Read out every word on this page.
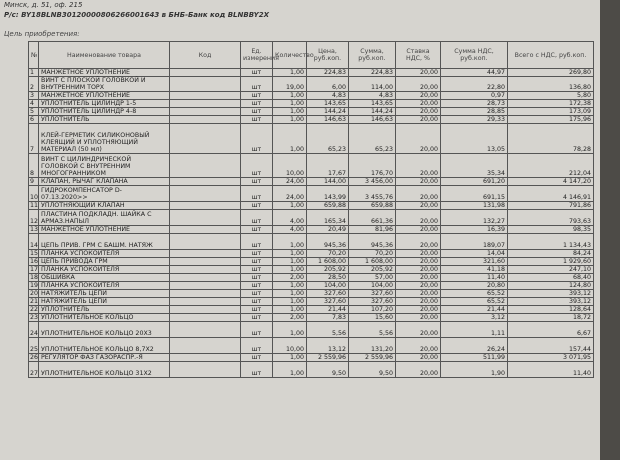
Минск, д. 51, оф. 215
Р/с: BY18BLNB30120000806266001643 в БНБ-Банк код BLNBBY2X
Цель приобретения:
№	Наименование товара	Код	Ед. измерения	Количество	Цена, руб.коп.	Сумма, руб.коп.	Ставка НДС, %	Сумма НДС, руб.коп.	Всего с НДС, руб.коп.
1	МАНЖЕТНОЕ УПЛОТНЕНИЕ		шт	1,00	224,83	224,83	20,00	44,97	269,80
2	ВИНТ С ПЛОСКОЙ ГОЛОВКОЙ И ВНУТРЕННИМ ТОРХ		шт	19,00	6,00	114,00	20,00	22,80	136,80
3	МАНЖЕТНОЕ УПЛОТНЕНИЕ		шт	1,00	4,83	4,83	20,00	0,97	5,80
4	УПЛОТНИТЕЛЬ ЦИЛИНДР 1-5		шт	1,00	143,65	143,65	20,00	28,73	172,38
5	УПЛОТНИТЕЛЬ ЦИЛИНДР 4-8		шт	1,00	144,24	144,24	20,00	28,85	173,09
6	УПЛОТНИТЕЛЬ		шт	1,00	146,63	146,63	20,00	29,33	175,96
7	КЛЕЙ-ГЕРМЕТИК СИЛИКОНОВЫЙ КЛЕЯЩИЙ И УПЛОТНЯЮЩИЙ МАТЕРИАЛ (50 мл)		шт	1,00	65,23	65,23	20,00	13,05	78,28
8	ВИНТ С ЦИЛИНДРИЧЕСКОЙ ГОЛОВКОЙ С ВНУТРЕННИМ МНОГОГРАННИКОМ		шт	10,00	17,67	176,70	20,00	35,34	212,04
9	КЛАПАН, РЫЧАГ КЛАПАНА		шт	24,00	144,00	3 456,00	20,00	691,20	4 147,20
10	ГИДРОКОМПЕНСАТОР D-07.13.2020>>		шт	24,00	143,99	3 455,76	20,00	691,15	4 146,91
11	УПЛОТНЯЮЩИЙ КЛАПАН		шт	1,00	659,88	659,88	20,00	131,98	791,86
12	ПЛАСТИНА ПОДКЛАДН. ШАЙКА С АРМАЗ.НАПЫЛ		шт	4,00	165,34	661,36	20,00	132,27	793,63
13	МАНЖЕТНОЕ УПЛОТНЕНИЕ		шт	4,00	20,49	81,96	20,00	16,39	98,35
14	ЦЕПЬ ПРИВ. ГРМ С БАШМ. НАТЯЖ		шт	1,00	945,36	945,36	20,00	189,07	1 134,43
15	ПЛАНКА УСПОКОИТЕЛЯ		шт	1,00	70,20	70,20	20,00	14,04	84,24
16	ЦЕПЬ ПРИВОДА ГРМ		шт	1,00	1 608,00	1 608,00	20,00	321,60	1 929,60
17	ПЛАНКА УСПОКОИТЕЛЯ		шт	1,00	205,92	205,92	20,00	41,18	247,10
18	ОБШИВКА		шт	2,00	28,50	57,00	20,00	11,40	68,40
19	ПЛАНКА УСПОКОИТЕЛЯ		шт	1,00	104,00	104,00	20,00	20,80	124,80
20	НАТЯЖИТЕЛЬ ЦЕПИ		шт	1,00	327,60	327,60	20,00	65,52	393,12
21	НАТЯЖИТЕЛЬ ЦЕПИ		шт	1,00	327,60	327,60	20,00	65,52	393,12
22	УПЛОТНИТЕЛЬ		шт	1,00	21,44	107,20	20,00	21,44	128,64
23	УПЛОТНИТЕЛЬНОЕ КОЛЬЦО		шт	2,00	7,83	15,60	20,00	3,12	18,72
24	УПЛОТНИТЕЛЬНОЕ КОЛЬЦО 20Х3		шт	1,00	5,56	5,56	20,00	1,11	6,67
25	УПЛОТНИТЕЛЬНОЕ КОЛЬЦО 8,7Х2		шт	10,00	13,12	131,20	20,00	26,24	157,44
26	РЕГУЛЯТОР ФАЗ ГАЗОРАСПР.-Я		шт	1,00	2 559,96	2 559,96	20,00	511,99	3 071,95
27	УПЛОТНИТЕЛЬНОЕ КОЛЬЦО 31Х2		шт	1,00	9,50	9,50	20,00	1,90	11,40
